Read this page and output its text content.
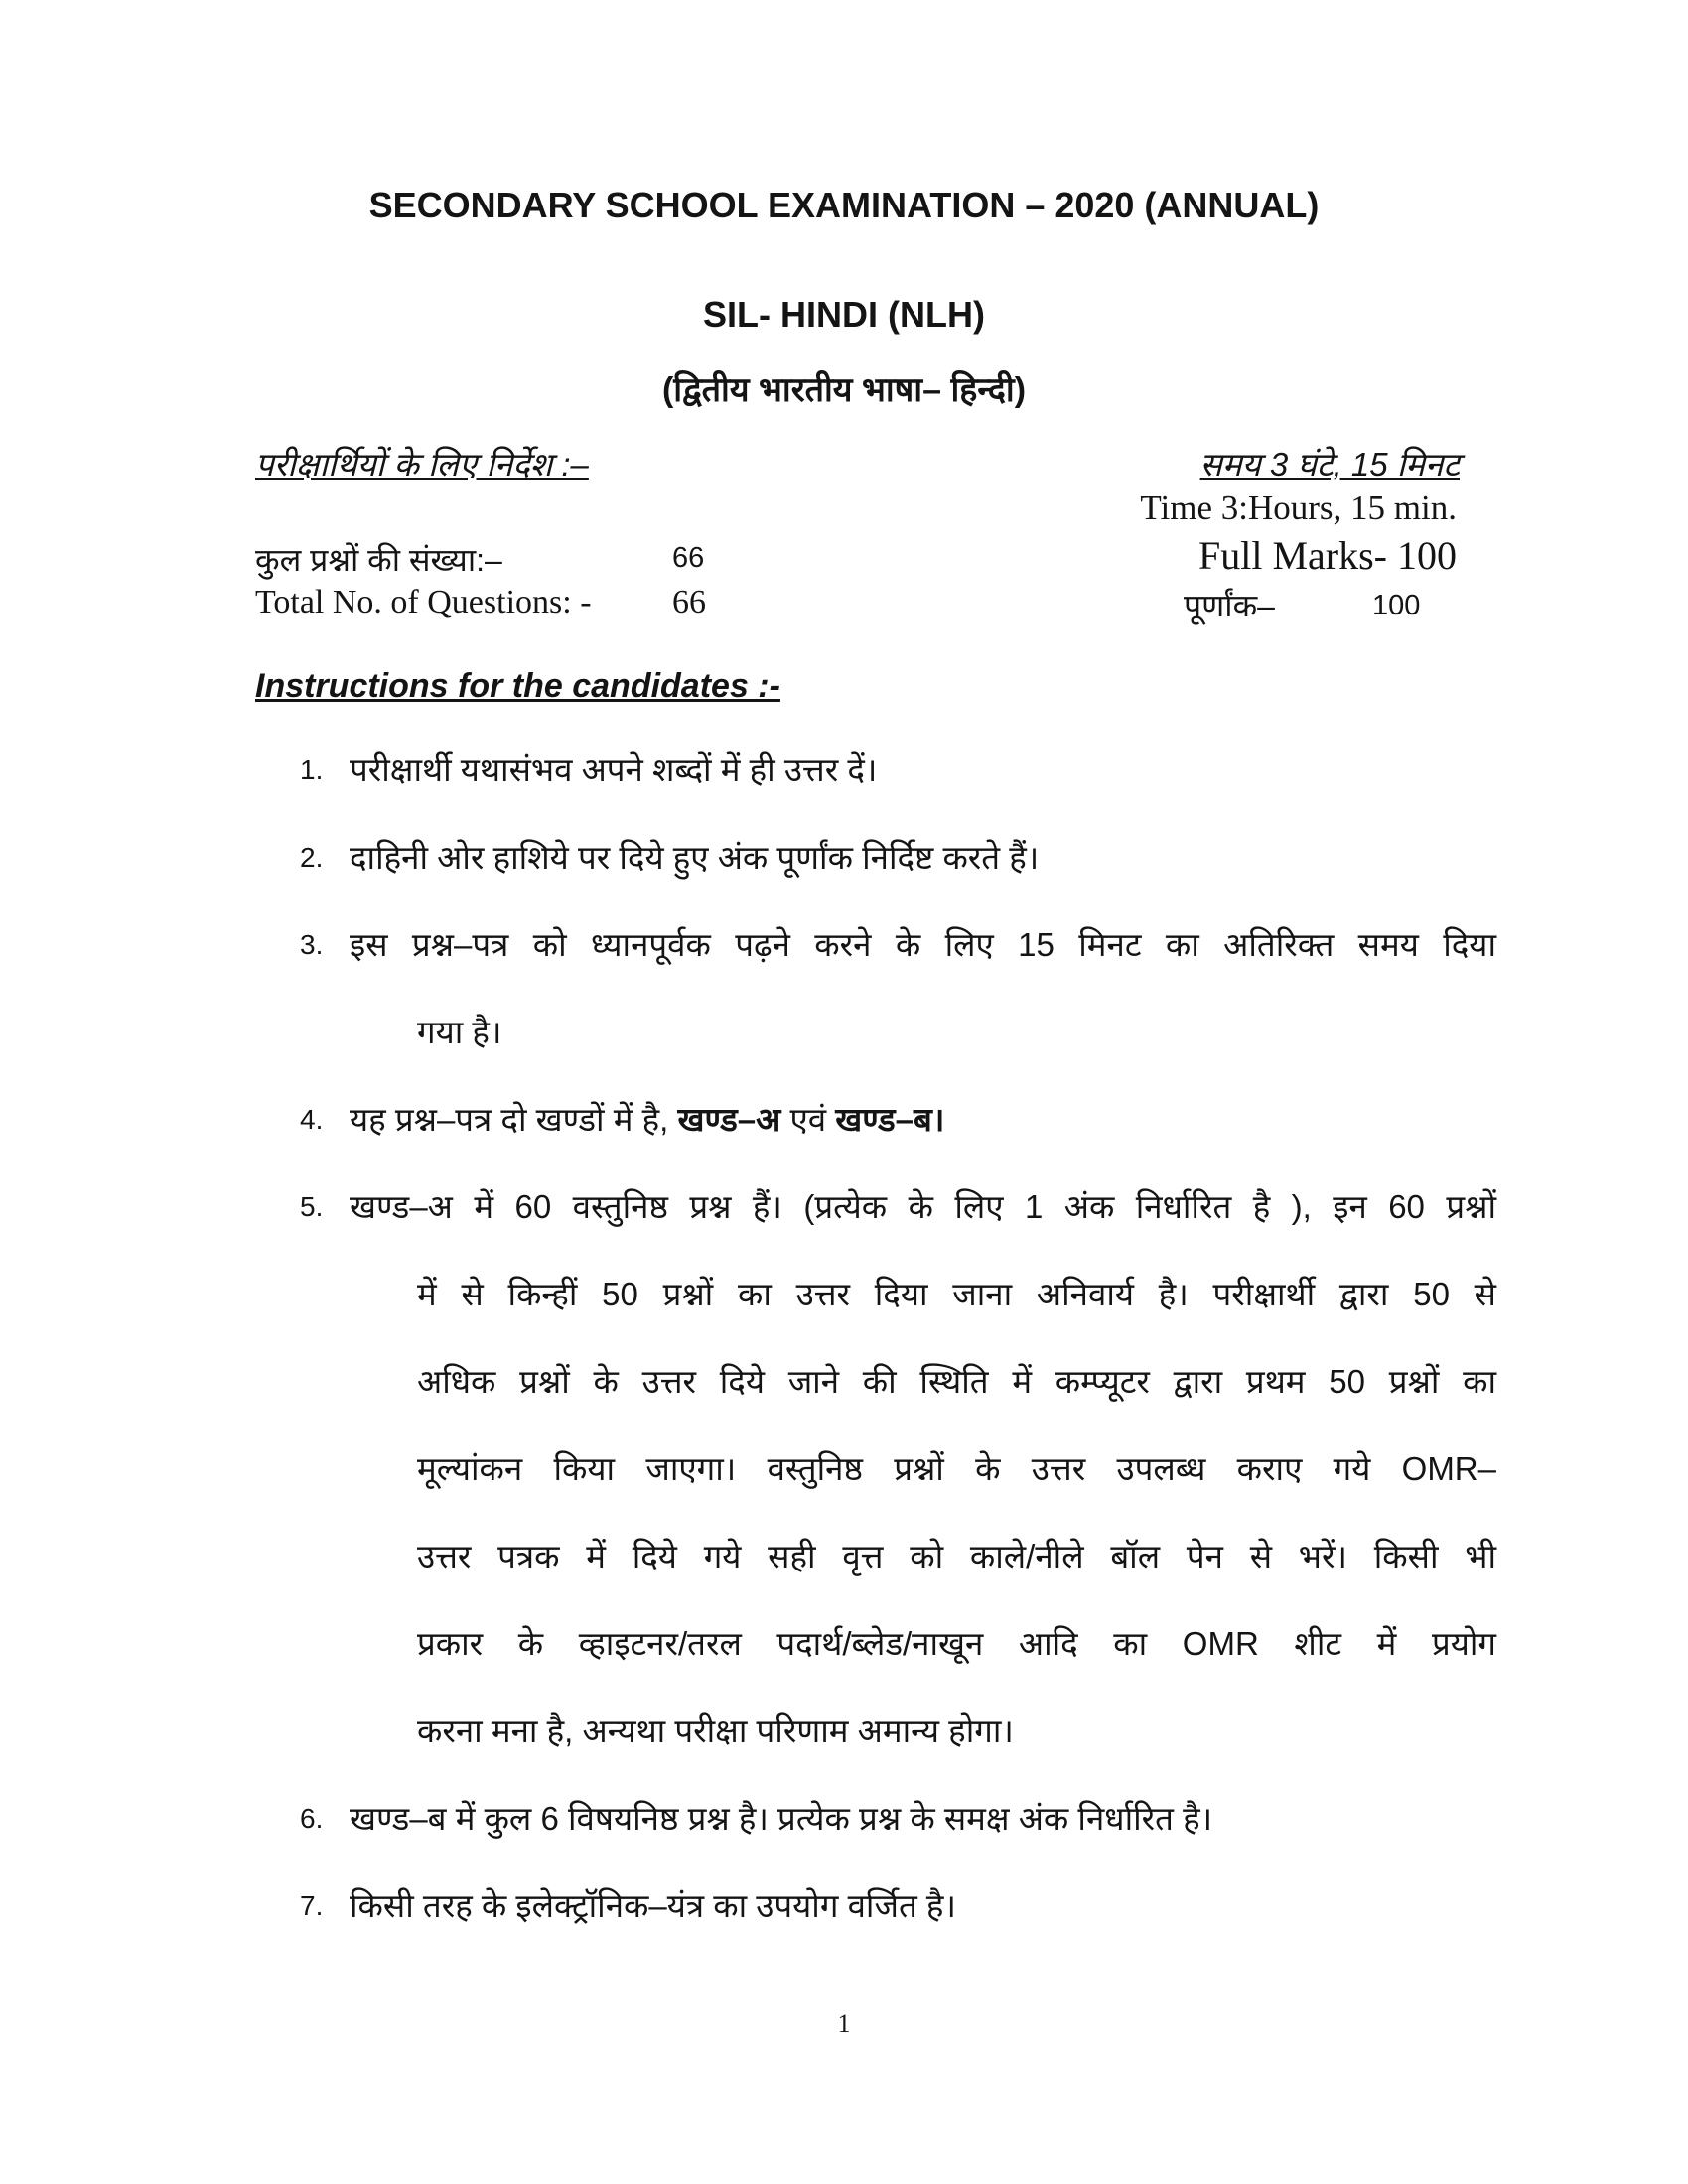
SECONDARY SCHOOL EXAMINATION – 2020 (ANNUAL)
SIL- HINDI (NLH)
(द्वितीय भारतीय भाषा– हिन्दी)
परीक्षार्थियों के लिए निर्देश :–	समय 3 घंटे, 15 मिनट
Time 3:Hours, 15 min.
कुल प्रश्नों की संख्या:–	66	Full Marks- 100
Total No. of Questions: - 66	पूर्णांक–	100
Instructions for the candidates :-
1. परीक्षार्थी यथासंभव अपने शब्दों में ही उत्तर दें।
2. दाहिनी ओर हाशिये पर दिये हुए अंक पूर्णांक निर्दिष्ट करते हैं।
3. इस प्रश्न–पत्र को ध्यानपूर्वक पढ़ने करने के लिए 15 मिनट का अतिरिक्त समय दिया
गया है।
4. यह प्रश्न–पत्र दो खण्डों में है, खण्ड–अ एवं खण्ड–ब।
5. खण्ड–अ में 60 वस्तुनिष्ठ प्रश्न हैं। (प्रत्येक के लिए 1 अंक निर्धारित है ), इन 60 प्रश्नों
में से किन्हीं 50 प्रश्नों का उत्तर दिया जाना अनिवार्य है। परीक्षार्थी द्वारा 50 से
अधिक प्रश्नों के उत्तर दिये जाने की स्थिति में कम्प्यूटर द्वारा प्रथम 50 प्रश्नों का
मूल्यांकन किया जाएगा। वस्तुनिष्ठ प्रश्नों के उत्तर उपलब्ध कराए गये OMR–
उत्तर पत्रक में दिये गये सही वृत्त को काले/नीले बॉल पेन से भरें। किसी भी
प्रकार के व्हाइटनर/तरल पदार्थ/ब्लेड/नाखून आदि का OMR शीट में प्रयोग
करना मना है, अन्यथा परीक्षा परिणाम अमान्य होगा।
6. खण्ड–ब में कुल 6 विषयनिष्ठ प्रश्न है। प्रत्येक प्रश्न के समक्ष अंक निर्धारित है।
7. किसी तरह के इलेक्ट्रॉनिक–यंत्र का उपयोग वर्जित है।
1
